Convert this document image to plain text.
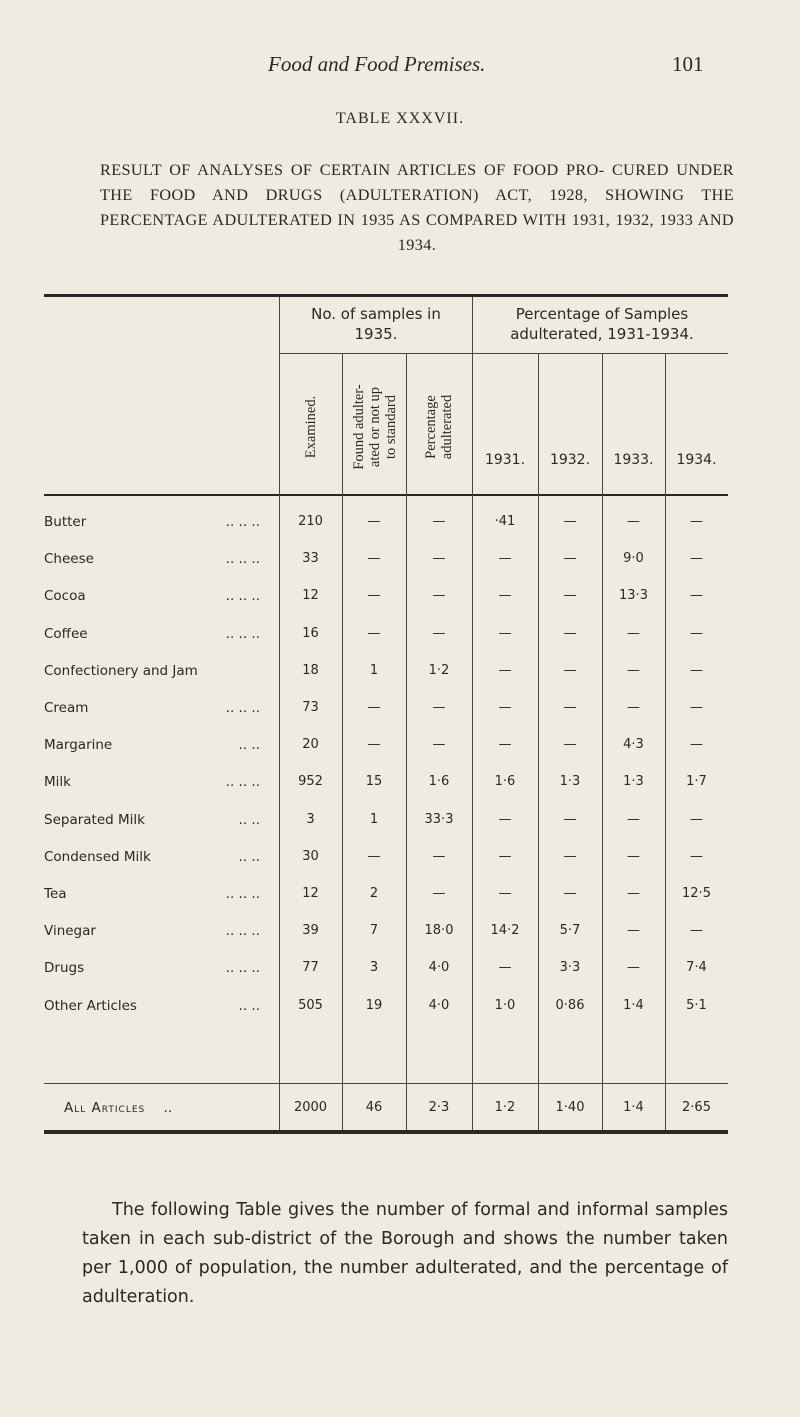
Food and Food Premises.	101
TABLE XXXVII.
RESULT OF ANALYSES OF CERTAIN ARTICLES OF FOOD PRO- CURED UNDER THE FOOD AND DRUGS (ADULTERATION) ACT, 1928, SHOWING THE PERCENTAGE ADULTERATED IN 1935 AS COMPARED WITH 1931, 1932, 1933 AND 1934.
No. of samples in 1935.
Percentage of Samples adulterated, 1931-1934.
Examined. Found adulter- ated or not up to standard Percentage adulterated
1931.	1932.	1933.	1934.
Butter	.. .. ..	210	—	—	·41	—	—	—
Cheese	.. .. ..	33	—	—	—	—	9·0	—
Cocoa	.. .. ..	12	—	—	—	—	13·3	—
Coffee	.. .. ..	16	—	—	—	—	—	—
Confectionery and Jam	18	1	1·2	—	—	—	—
Cream	.. .. ..	73	—	—	—	—	—	—
Margarine	.. ..	20	—	—	—	—	4·3	—
Milk	.. .. ..	952	15	1·6	1·6	1·3	1·3	1·7
Separated Milk	.. ..	3	1	33·3	—	—	—	—
Condensed Milk	.. ..	30	—	—	—	—	—	—
Tea	.. .. ..	12	2	—	—	—	—	12·5
Vinegar	.. .. ..	39	7	18·0	14·2	5·7	—	—
Drugs	.. .. ..	77	3	4·0	—	3·3	—	7·4
Other Articles	.. ..	505	19	4·0	1·0	0·86	1·4	5·1
All Articles ..	2000	46	2·3	1·2	1·40	1·4	2·65
The following Table gives the number of formal and informal samples taken in each sub-district of the Borough and shows the number taken per 1,000 of population, the number adulterated, and the percentage of adulteration.
